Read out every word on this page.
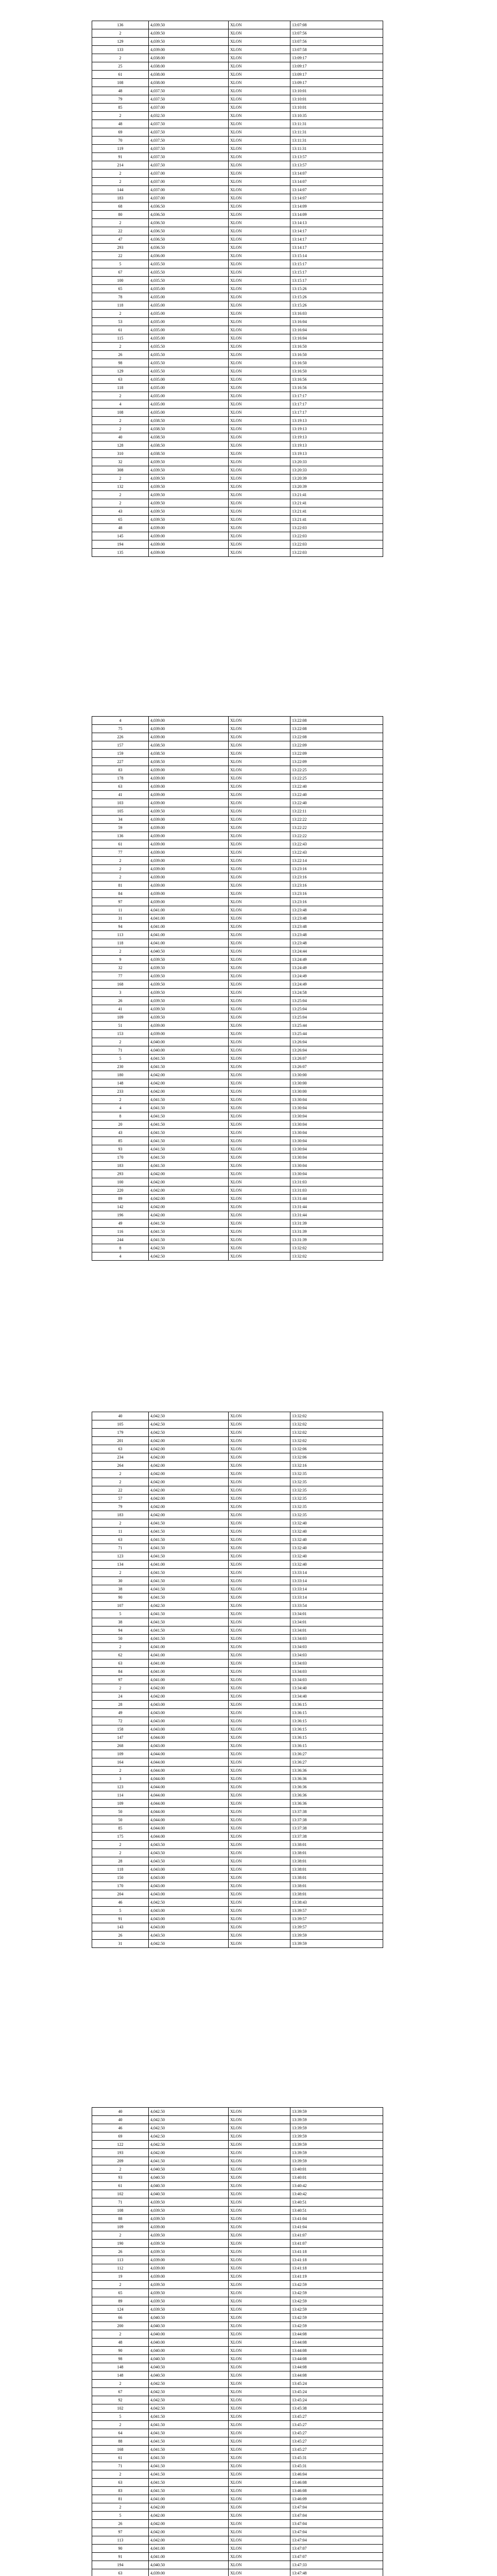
136	4,039.50	XLON	13:07:08
2	4,039.50	XLON	13:07:56
129	4,039.50	XLON	13:07:56
133	4,039.00	XLON	13:07:58
2	4,038.00	XLON	13:09:17
25	4,038.00	XLON	13:09:17
61	4,038.00	XLON	13:09:17
108	4,038.00	XLON	13:09:17
48	4,037.50	XLON	13:10:01
79	4,037.50	XLON	13:10:01
85	4,037.00	XLON	13:10:01
2	4,032.50	XLON	13:10:35
48	4,037.50	XLON	13:11:31
69	4,037.50	XLON	13:11:31
70	4,037.50	XLON	13:11:31
119	4,037.50	XLON	13:11:31
91	4,037.50	XLON	13:13:57
214	4,037.50	XLON	13:13:57
2	4,037.00	XLON	13:14:07
2	4,037.00	XLON	13:14:07
144	4,037.00	XLON	13:14:07
183	4,037.00	XLON	13:14:07
68	4,036.50	XLON	13:14:09
80	4,036.50	XLON	13:14:09
2	4,036.50	XLON	13:14:13
22	4,036.50	XLON	13:14:17
47	4,036.50	XLON	13:14:17
293	4,036.50	XLON	13:14:17
22	4,036.00	XLON	13:15:14
5	4,035.50	XLON	13:15:17
67	4,035.50	XLON	13:15:17
100	4,035.50	XLON	13:15:17
65	4,035.00	XLON	13:15:26
78	4,035.00	XLON	13:15:26
118	4,035.00	XLON	13:15:26
2	4,035.00	XLON	13:16:03
53	4,035.00	XLON	13:16:04
61	4,035.00	XLON	13:16:04
115	4,035.00	XLON	13:16:04
2	4,035.50	XLON	13:16:50
26	4,035.50	XLON	13:16:50
98	4,035.50	XLON	13:16:50
129	4,035.50	XLON	13:16:50
63	4,035.00	XLON	13:16:56
118	4,035.00	XLON	13:16:56
2	4,035.00	XLON	13:17:17
4	4,035.00	XLON	13:17:17
108	4,035.00	XLON	13:17:17
2	4,038.50	XLON	13:19:13
2	4,038.50	XLON	13:19:13
40	4,038.50	XLON	13:19:13
128	4,038.50	XLON	13:19:13
310	4,038.50	XLON	13:19:13
32	4,039.50	XLON	13:20:33
308	4,039.50	XLON	13:20:33
2	4,039.50	XLON	13:20:39
132	4,039.50	XLON	13:20:39
2	4,039.50	XLON	13:21:41
2	4,039.50	XLON	13:21:41
43	4,039.50	XLON	13:21:41
65	4,039.50	XLON	13:21:41
48	4,039.00	XLON	13:22:03
145	4,039.00	XLON	13:22:03
194	4,039.00	XLON	13:22:03
135	4,039.00	XLON	13:22:03
4	4,039.00	XLON	13:22:08
75	4,039.00	XLON	13:22:08
226	4,039.00	XLON	13:22:08
157	4,038.50	XLON	13:22:09
159	4,038.50	XLON	13:22:09
227	4,038.50	XLON	13:22:09
83	4,039.00	XLON	13:22:25
178	4,039.00	XLON	13:22:25
63	4,039.00	XLON	13:22:40
41	4,039.00	XLON	13:22:40
103	4,039.00	XLON	13:22:40
105	4,039.50	XLON	13:22:11
34	4,039.00	XLON	13:22:22
59	4,039.00	XLON	13:22:22
136	4,039.00	XLON	13:22:22
61	4,039.00	XLON	13:22:43
77	4,039.00	XLON	13:22:43
2	4,039.00	XLON	13:22:14
2	4,039.00	XLON	13:23:16
2	4,039.00	XLON	13:23:16
81	4,039.00	XLON	13:23:16
84	4,039.00	XLON	13:23:16
97	4,039.00	XLON	13:23:16
11	4,041.00	XLON	13:23:48
31	4,041.00	XLON	13:23:48
94	4,041.00	XLON	13:23:48
113	4,041.00	XLON	13:23:48
118	4,041.00	XLON	13:23:48
2	4,040.50	XLON	13:24:44
9	4,039.50	XLON	13:24:49
32	4,039.50	XLON	13:24:49
77	4,039.50	XLON	13:24:49
168	4,039.50	XLON	13:24:49
3	4,039.50	XLON	13:24:58
26	4,039.50	XLON	13:25:04
41	4,039.50	XLON	13:25:04
109	4,039.50	XLON	13:25:04
51	4,039.00	XLON	13:25:44
153	4,039.00	XLON	13:25:44
2	4,040.00	XLON	13:26:04
71	4,040.00	XLON	13:26:04
5	4,041.50	XLON	13:26:07
230	4,041.50	XLON	13:26:07
180	4,042.00	XLON	13:30:00
148	4,042.00	XLON	13:30:00
233	4,042.00	XLON	13:30:00
2	4,041.50	XLON	13:30:04
4	4,041.50	XLON	13:30:04
8	4,041.50	XLON	13:30:04
20	4,041.50	XLON	13:30:04
43	4,041.50	XLON	13:30:04
85	4,041.50	XLON	13:30:04
93	4,041.50	XLON	13:30:04
170	4,041.50	XLON	13:30:04
183	4,041.50	XLON	13:30:04
293	4,042.00	XLON	13:30:04
100	4,042.00	XLON	13:31:03
220	4,042.00	XLON	13:31:03
89	4,042.00	XLON	13:31:44
142	4,042.00	XLON	13:31:44
196	4,042.00	XLON	13:31:44
49	4,041.50	XLON	13:31:39
116	4,041.50	XLON	13:31:39
244	4,041.50	XLON	13:31:39
8	4,042.50	XLON	13:32:02
4	4,042.50	XLON	13:32:02
40	4,042.50	XLON	13:32:02
105	4,042.50	XLON	13:32:02
179	4,042.50	XLON	13:32:02
201	4,042.00	XLON	13:32:02
63	4,042.00	XLON	13:32:06
234	4,042.00	XLON	13:32:06
264	4,042.00	XLON	13:32:16
2	4,042.00	XLON	13:32:35
2	4,042.00	XLON	13:32:35
22	4,042.00	XLON	13:32:35
57	4,042.00	XLON	13:32:35
79	4,042.00	XLON	13:32:35
183	4,042.00	XLON	13:32:35
2	4,041.50	XLON	13:32:40
11	4,041.50	XLON	13:32:40
63	4,041.50	XLON	13:32:40
71	4,041.50	XLON	13:32:40
123	4,041.50	XLON	13:32:40
134	4,041.00	XLON	13:32:40
2	4,041.50	XLON	13:33:14
30	4,041.50	XLON	13:33:14
38	4,041.50	XLON	13:33:14
90	4,041.50	XLON	13:33:14
107	4,042.50	XLON	13:33:54
5	4,041.50	XLON	13:34:01
38	4,041.50	XLON	13:34:01
94	4,041.50	XLON	13:34:01
50	4,041.50	XLON	13:34:03
2	4,041.00	XLON	13:34:03
62	4,041.00	XLON	13:34:03
63	4,041.00	XLON	13:34:03
84	4,041.00	XLON	13:34:03
97	4,041.00	XLON	13:34:03
2	4,042.00	XLON	13:34:40
24	4,042.00	XLON	13:34:40
28	4,043.00	XLON	13:36:15
49	4,043.00	XLON	13:36:15
72	4,043.00	XLON	13:36:15
158	4,043.00	XLON	13:36:15
147	4,044.00	XLON	13:36:15
268	4,043.00	XLON	13:36:15
109	4,044.00	XLON	13:36:27
164	4,044.00	XLON	13:36:27
2	4,044.00	XLON	13:36:36
3	4,044.00	XLON	13:36:36
123	4,044.00	XLON	13:36:36
114	4,044.00	XLON	13:36:36
109	4,044.00	XLON	13:36:36
50	4,044.00	XLON	13:37:38
50	4,044.00	XLON	13:37:38
85	4,044.00	XLON	13:37:38
175	4,044.00	XLON	13:37:38
2	4,043.50	XLON	13:38:01
2	4,043.50	XLON	13:38:01
28	4,043.50	XLON	13:38:01
118	4,043.00	XLON	13:38:01
150	4,043.00	XLON	13:38:01
170	4,043.00	XLON	13:38:01
204	4,043.00	XLON	13:38:01
46	4,042.50	XLON	13:38:43
5	4,043.00	XLON	13:39:57
91	4,043.00	XLON	13:39:57
143	4,043.00	XLON	13:39:57
26	4,043.50	XLON	13:39:59
31	4,042.50	XLON	13:39:59
40	4,042.50	XLON	13:39:59
40	4,042.50	XLON	13:39:59
46	4,042.50	XLON	13:39:59
69	4,042.50	XLON	13:39:59
122	4,042.50	XLON	13:39:59
193	4,042.00	XLON	13:39:59
209	4,041.50	XLON	13:39:59
2	4,040.50	XLON	13:40:01
93	4,040.50	XLON	13:40:01
61	4,040.50	XLON	13:40:42
102	4,040.50	XLON	13:40:42
71	4,039.50	XLON	13:40:51
108	4,039.50	XLON	13:40:51
88	4,039.50	XLON	13:41:04
109	4,039.00	XLON	13:41:04
2	4,039.50	XLON	13:41:07
190	4,039.50	XLON	13:41:07
26	4,039.50	XLON	13:41:18
113	4,039.00	XLON	13:41:18
112	4,039.00	XLON	13:41:18
19	4,039.00	XLON	13:41:19
2	4,039.50	XLON	13:42:59
65	4,039.50	XLON	13:42:59
89	4,039.50	XLON	13:42:59
124	4,039.50	XLON	13:42:59
66	4,040.50	XLON	13:42:59
200	4,040.50	XLON	13:42:59
2	4,040.00	XLON	13:44:08
48	4,040.00	XLON	13:44:08
90	4,040.00	XLON	13:44:08
98	4,040.50	XLON	13:44:08
148	4,040.50	XLON	13:44:08
148	4,040.50	XLON	13:44:08
2	4,042.50	XLON	13:45:24
67	4,042.50	XLON	13:45:24
92	4,042.50	XLON	13:45:24
102	4,042.50	XLON	13:45:38
5	4,041.50	XLON	13:45:27
2	4,041.50	XLON	13:45:27
64	4,041.50	XLON	13:45:27
88	4,041.50	XLON	13:45:27
168	4,041.50	XLON	13:45:27
61	4,041.50	XLON	13:45:31
71	4,041.50	XLON	13:45:31
2	4,041.50	XLON	13:46:04
63	4,041.50	XLON	13:46:08
83	4,041.50	XLON	13:46:08
81	4,041.00	XLON	13:46:09
2	4,042.00	XLON	13:47:04
5	4,042.00	XLON	13:47:04
26	4,042.00	XLON	13:47:04
97	4,042.00	XLON	13:47:04
113	4,042.00	XLON	13:47:04
90	4,041.00	XLON	13:47:07
91	4,041.00	XLON	13:47:07
194	4,040.50	XLON	13:47:33
63	4,039.00	XLON	13:47:48
